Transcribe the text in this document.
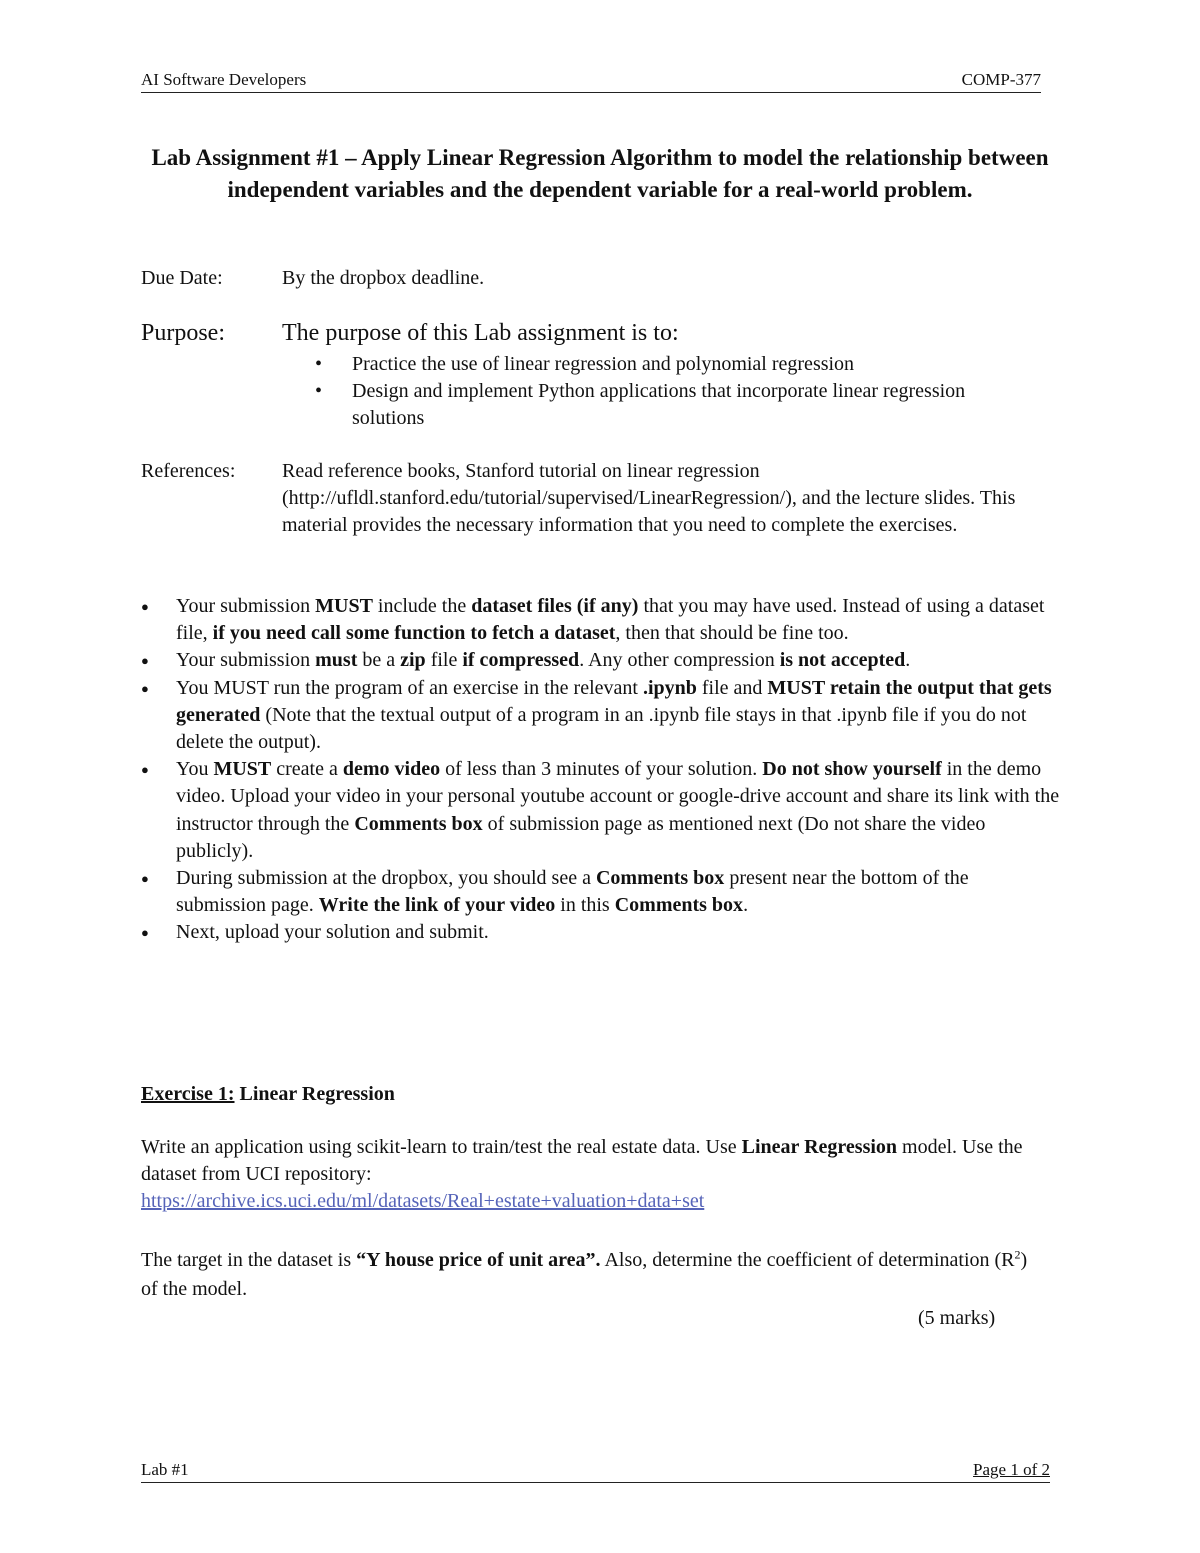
AI Software Developers	COMP-377
Lab Assignment #1 – Apply Linear Regression Algorithm to model the relationship between independent variables and the dependent variable for a real-world problem.
Due Date:	By the dropbox deadline.
Purpose: The purpose of this Lab assignment is to:
• Practice the use of linear regression and polynomial regression
• Design and implement Python applications that incorporate linear regression solutions
References: Read reference books, Stanford tutorial on linear regression (http://ufldl.stanford.edu/tutorial/supervised/LinearRegression/), and the lecture slides. This material provides the necessary information that you need to complete the exercises.
● Your submission MUST include the dataset files (if any) that you may have used. Instead of using a dataset file, if you need call some function to fetch a dataset, then that should be fine too.
● Your submission must be a zip file if compressed. Any other compression is not accepted.
● You MUST run the program of an exercise in the relevant .ipynb file and MUST retain the output that gets generated (Note that the textual output of a program in an .ipynb file stays in that .ipynb file if you do not delete the output).
● You MUST create a demo video of less than 3 minutes of your solution. Do not show yourself in the demo video. Upload your video in your personal youtube account or google-drive account and share its link with the instructor through the Comments box of submission page as mentioned next (Do not share the video publicly).
● During submission at the dropbox, you should see a Comments box present near the bottom of the submission page. Write the link of your video in this Comments box.
● Next, upload your solution and submit.
Exercise 1: Linear Regression
Write an application using scikit-learn to train/test the real estate data. Use Linear Regression model. Use the dataset from UCI repository:
https://archive.ics.uci.edu/ml/datasets/Real+estate+valuation+data+set
The target in the dataset is “Y house price of unit area”. Also, determine the coefficient of determination $(R^2)$ of the model.
(5 marks)
Lab #1	Page 1 of 2
